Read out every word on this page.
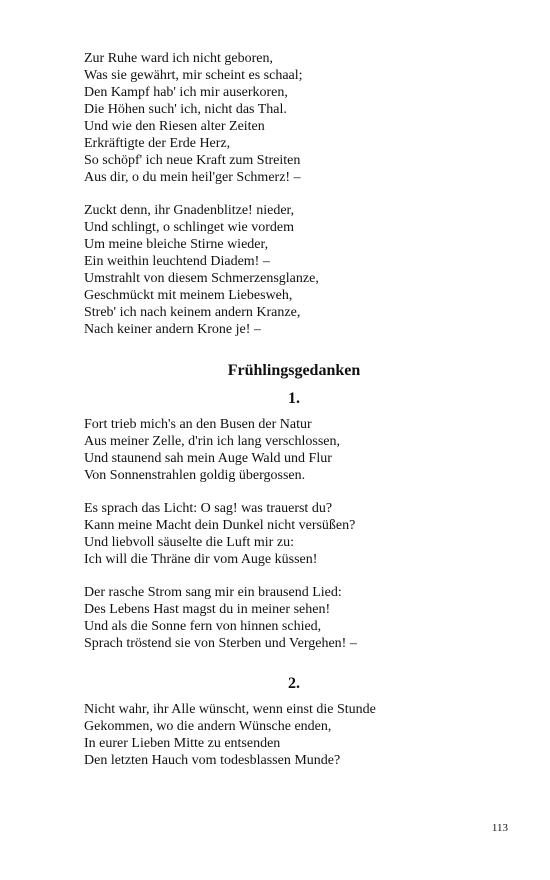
Zur Ruhe ward ich nicht geboren,
Was sie gewährt, mir scheint es schaal;
Den Kampf hab' ich mir auserkoren,
Die Höhen such' ich, nicht das Thal.
Und wie den Riesen alter Zeiten
Erkräftigte der Erde Herz,
So schöpf' ich neue Kraft zum Streiten
Aus dir, o du mein heil'ger Schmerz! –
Zuckt denn, ihr Gnadenblitze! nieder,
Und schlingt, o schlinget wie vordem
Um meine bleiche Stirne wieder,
Ein weithin leuchtend Diadem! –
Umstrahlt von diesem Schmerzensglanze,
Geschmückt mit meinem Liebesweh,
Streb' ich nach keinem andern Kranze,
Nach keiner andern Krone je! –
Frühlingsgedanken
1.
Fort trieb mich's an den Busen der Natur
Aus meiner Zelle, d'rin ich lang verschlossen,
Und staunend sah mein Auge Wald und Flur
Von Sonnenstrahlen goldig übergossen.
Es sprach das Licht: O sag! was trauerst du?
Kann meine Macht dein Dunkel nicht versüßen?
Und liebvoll säuselte die Luft mir zu:
Ich will die Thräne dir vom Auge küssen!
Der rasche Strom sang mir ein brausend Lied:
Des Lebens Hast magst du in meiner sehen!
Und als die Sonne fern von hinnen schied,
Sprach tröstend sie von Sterben und Vergehen! –
2.
Nicht wahr, ihr Alle wünscht, wenn einst die Stunde
Gekommen, wo die andern Wünsche enden,
In eurer Lieben Mitte zu entsenden
Den letzten Hauch vom todesblassen Munde?
113
